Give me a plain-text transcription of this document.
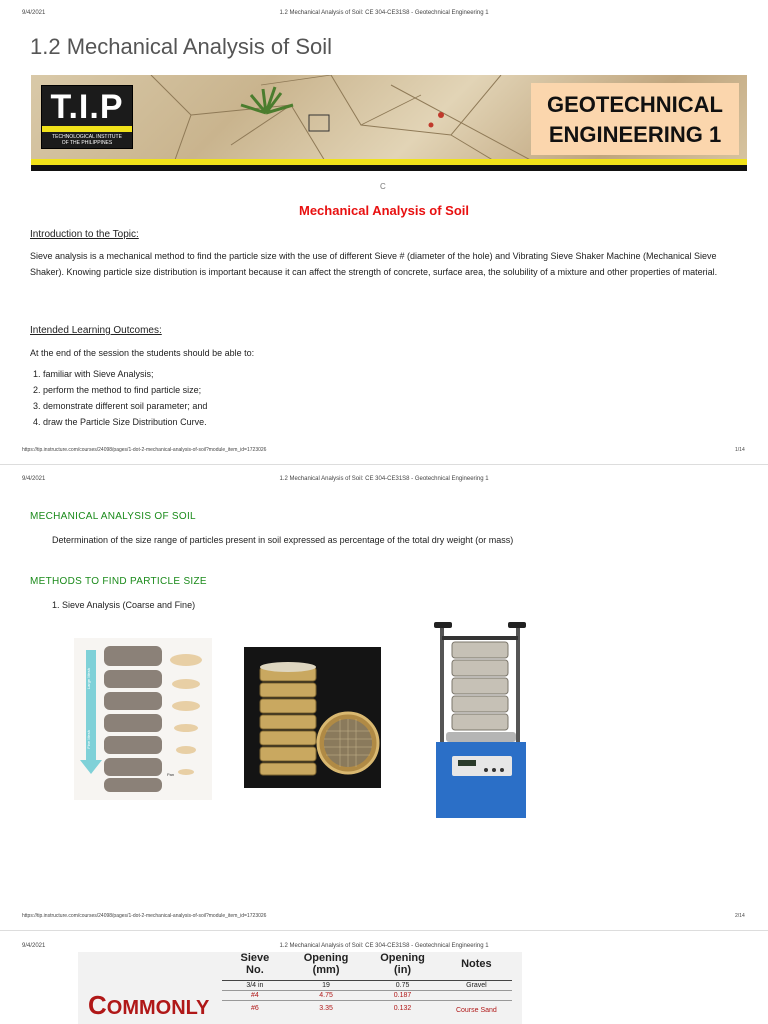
9/4/2021	1.2 Mechanical Analysis of Soil: CE 304-CE31S8 - Geotechnical Engineering 1
1.2 Mechanical Analysis of Soil
T.I.P
TECHNOLOGICAL INSTITUTE
OF THE PHILIPPINES
GEOTECHNICAL
ENGINEERING 1
C
Mechanical Analysis of Soil
Introduction to the Topic:
Sieve analysis is a mechanical method to find the particle size with the use of different Sieve # (diameter of the hole) and Vibrating Sieve Shaker Machine (Mechanical Sieve Shaker). Knowing particle size distribution is important because it can affect the strength of concrete, surface area, the solubility of a mixture and other properties of material.
Intended Learning Outcomes:
At the end of the session the students should be able to:
1. familiar with Sieve Analysis;
2. perform the method to find particle size;
3. demonstrate different soil parameter; and
4. draw the Particle Size Distribution Curve.
https://tip.instructure.com/courses/24098/pages/1-dot-2-mechanical-analysis-of-soil?module_item_id=1723026	1/14
9/4/2021	1.2 Mechanical Analysis of Soil: CE 304-CE31S8 - Geotechnical Engineering 1
MECHANICAL ANALYSIS OF SOIL
Determination of the size range of particles present in soil expressed as percentage of the total dry weight (or mass)
METHODS TO FIND PARTICLE SIZE
1. Sieve Analysis (Coarse and Fine)
Large Mesh
Fine Mesh
Pan
https://tip.instructure.com/courses/24098/pages/1-dot-2-mechanical-analysis-of-soil?module_item_id=1723026	2/14
9/4/2021	1.2 Mechanical Analysis of Soil: CE 304-CE31S8 - Geotechnical Engineering 1
COMMONLY
Sieve No.	Opening (mm)	Opening (in)	Notes

3/4 in	19	0.75	Gravel
#4	4.75	0.187	
#6	3.35	0.132	Course Sand
